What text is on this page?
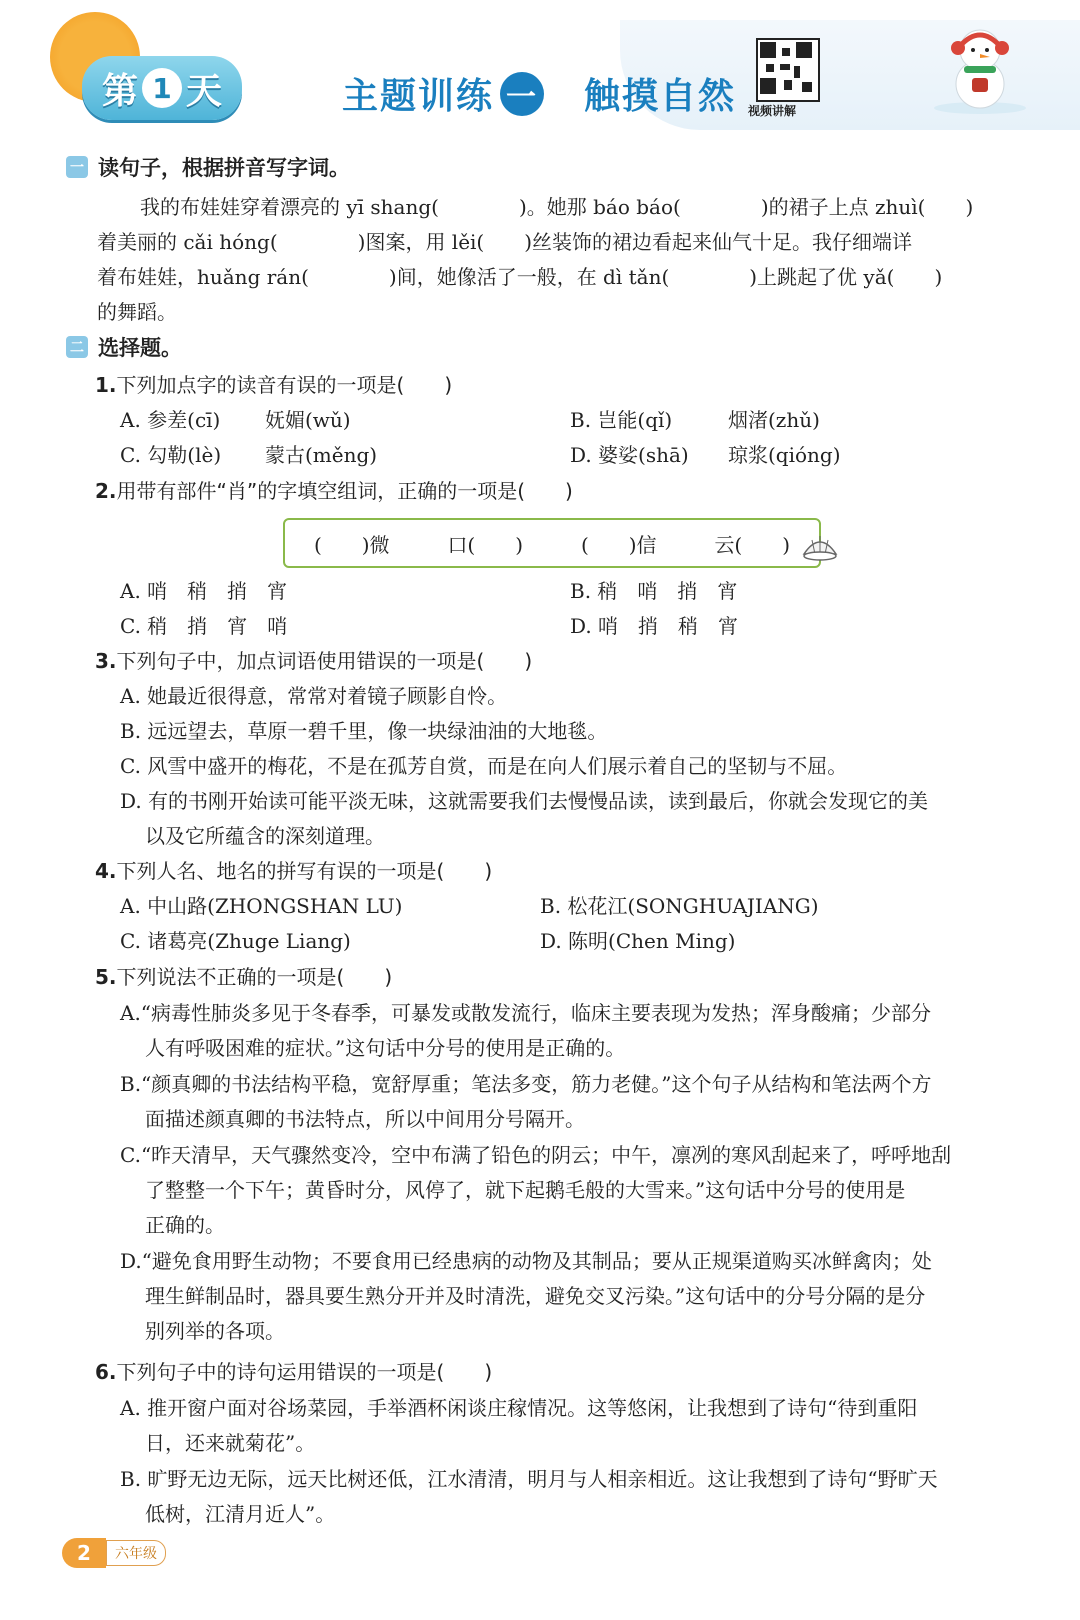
第 1 天	主题训练 一 触摸自然 视频讲解
一 读句子，根据拼音写字词。
我的布娃娃穿着漂亮的 yī shang(　　　　)。她那 báo báo(　　　　)的裙子上点 zhuì(　　)
着美丽的 cǎi hóng(　　　　)图案，用 lěi(　　)丝装饰的裙边看起来仙气十足。我仔细端详
着布娃娃，huǎng rán(　　　　)间，她像活了一般，在 dì tǎn(　　　　)上跳起了优 yǎ(　　)
的舞蹈。
二 选择题。
1.下列加点字的读音有误的一项是(　　)
A. 参差(cī) 妩媚(wǔ)	B. 岂能(qǐ)	烟渚(zhǔ)
C. 勾勒(lè) 蒙古(měng)	D. 婆娑(shā) 琼浆(qióng)
2.用带有部件“肖”的字填空组词，正确的一项是(　　)
(　　)微	口(　　)	(　　)信	云(　　)
A. 哨　稍　捎　宵	B. 稍　哨　捎　宵
C. 稍　捎　宵　哨	D. 哨　捎　稍　宵
3.下列句子中，加点词语使用错误的一项是(　　)
A. 她最近很得意，常常对着镜子顾影自怜。
B. 远远望去，草原一碧千里，像一块绿油油的大地毯。
C. 风雪中盛开的梅花，不是在孤芳自赏，而是在向人们展示着自己的坚韧与不屈。
D. 有的书刚开始读可能平淡无味，这就需要我们去慢慢品读，读到最后，你就会发现它的美
以及它所蕴含的深刻道理。
4.下列人名、地名的拼写有误的一项是(　　)
A. 中山路(ZHONGSHAN LU)	B. 松花江(SONGHUAJIANG)
C. 诸葛亮(Zhuge Liang)	D. 陈明(Chen Ming)
5.下列说法不正确的一项是(　　)
A.“病毒性肺炎多见于冬春季，可暴发或散发流行，临床主要表现为发热；浑身酸痛；少部分
人有呼吸困难的症状。”这句话中分号的使用是正确的。
B.“颜真卿的书法结构平稳，宽舒厚重；笔法多变，筋力老健。”这个句子从结构和笔法两个方
面描述颜真卿的书法特点，所以中间用分号隔开。
C.“昨天清早，天气骤然变冷，空中布满了铅色的阴云；中午，凛冽的寒风刮起来了，呼呼地刮
了整整一个下午；黄昏时分，风停了，就下起鹅毛般的大雪来。”这句话中分号的使用是
正确的。
D.“避免食用野生动物；不要食用已经患病的动物及其制品；要从正规渠道购买冰鲜禽肉；处
理生鲜制品时，器具要生熟分开并及时清洗，避免交叉污染。”这句话中的分号分隔的是分
别列举的各项。
6.下列句子中的诗句运用错误的一项是(　　)
A. 推开窗户面对谷场菜园，手举酒杯闲谈庄稼情况。这等悠闲，让我想到了诗句“待到重阳
日，还来就菊花”。
B. 旷野无边无际，远天比树还低，江水清清，明月与人相亲相近。这让我想到了诗句“野旷天
低树，江清月近人”。
2	六年级
